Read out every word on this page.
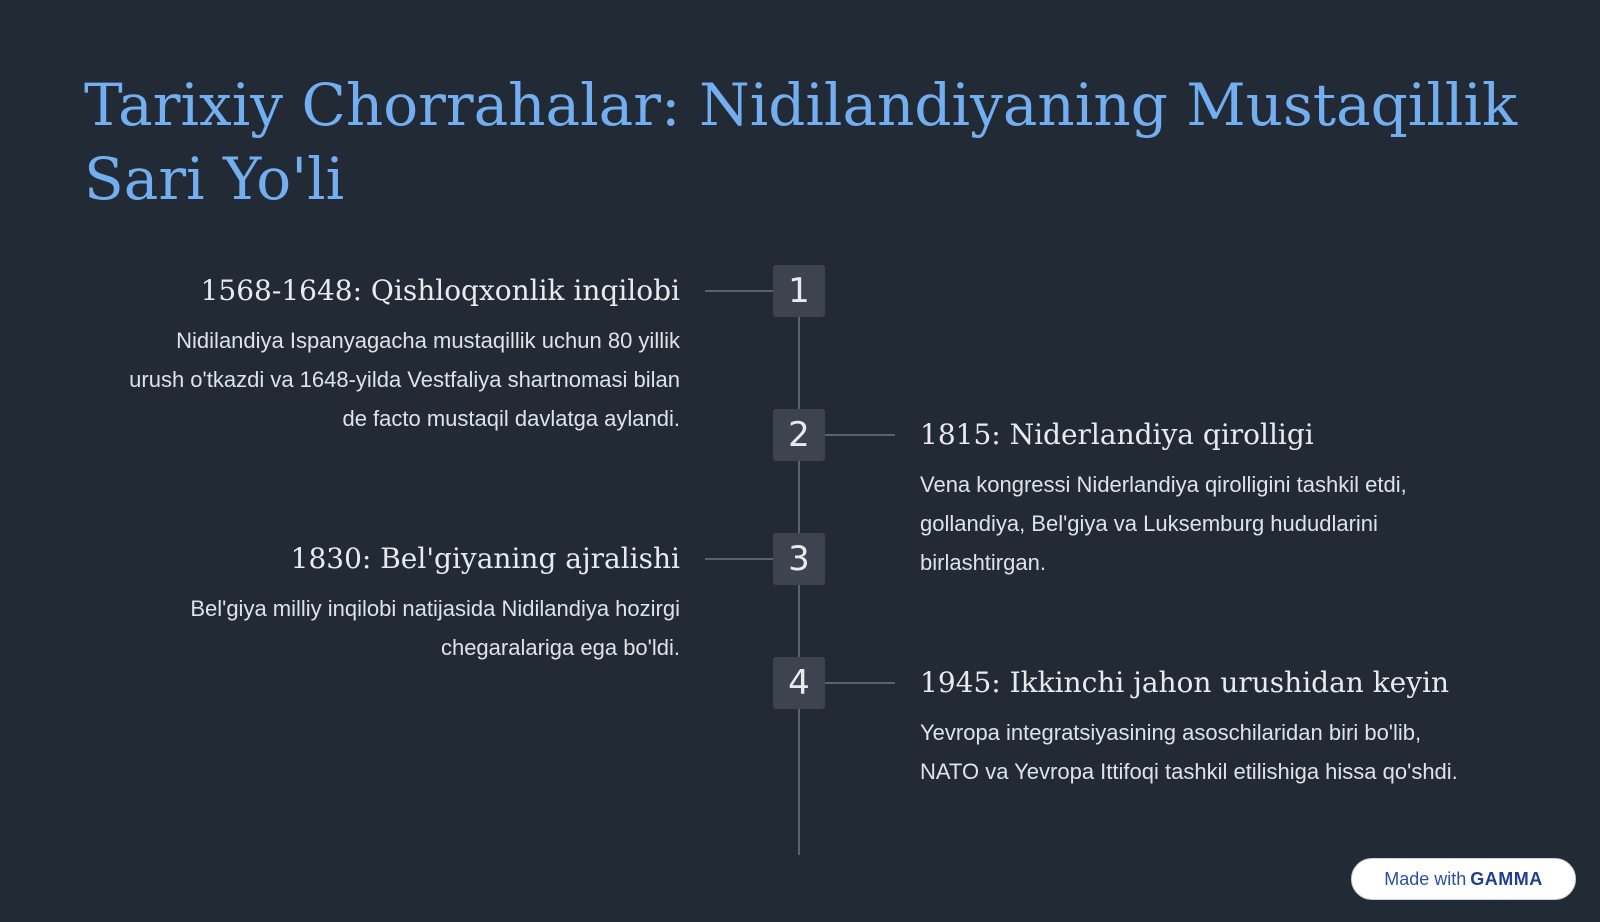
Tarixiy Chorrahalar: Nidilandiyaning Mustaqillik Sari Yo'li
1
1568-1648: Qishloqxonlik inqilobi

Nidilandiya Ispanyagacha mustaqillik uchun 80 yillik urush o'tkazdi va 1648-yilda Vestfaliya shartnomasi bilan de facto mustaqil davlatga aylandi.	2	1815: Niderlandiya qirolligi

Vena kongressi Niderlandiya qirolligini tashkil etdi, gollandiya, Bel'giya va Luksemburg hududlarini birlashtirgan.

3
1830: Bel'giyaning ajralishi

Bel'giya milliy inqilobi natijasida Nidilandiya hozirgi chegaralariga ega bo'ldi.

4	1945: Ikkinchi jahon urushidan keyin

Yevropa integratsiyasining asoschilaridan biri bo'lib, NATO va Yevropa Ittifoqi tashkil etilishiga hissa qo'shdi.

Made with GAMMA
